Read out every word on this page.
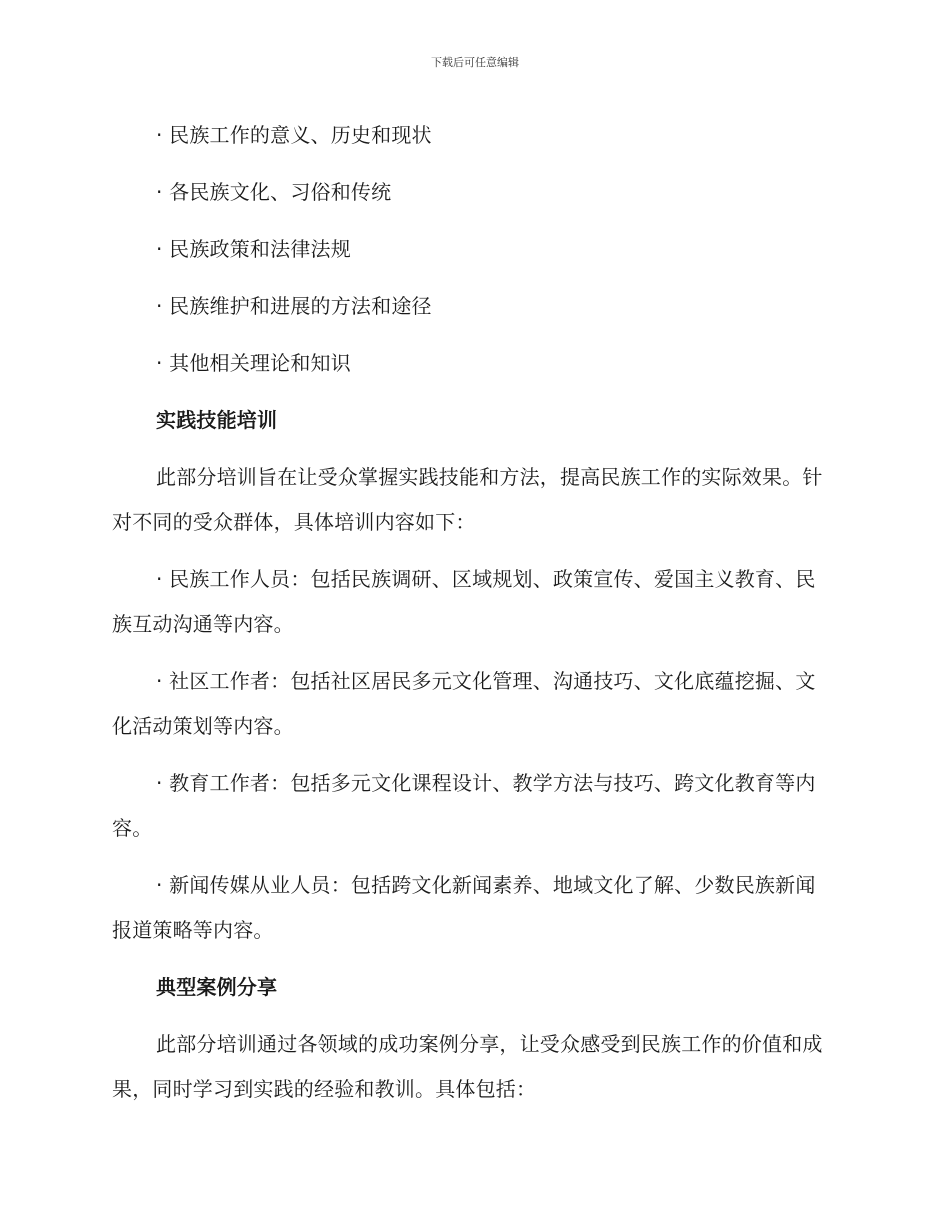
下载后可任意编辑

· 民族工作的意义、历史和现状

· 各民族文化、习俗和传统

· 民族政策和法律法规

· 民族维护和进展的方法和途径

· 其他相关理论和知识

实践技能培训

此部分培训旨在让受众掌握实践技能和方法，提高民族工作的实际效果。针对不同的受众群体，具体培训内容如下：

· 民族工作人员：包括民族调研、区域规划、政策宣传、爱国主义教育、民族互动沟通等内容。

· 社区工作者：包括社区居民多元文化管理、沟通技巧、文化底蕴挖掘、文化活动策划等内容。

· 教育工作者：包括多元文化课程设计、教学方法与技巧、跨文化教育等内容。

· 新闻传媒从业人员：包括跨文化新闻素养、地域文化了解、少数民族新闻报道策略等内容。

典型案例分享

此部分培训通过各领域的成功案例分享，让受众感受到民族工作的价值和成果，同时学习到实践的经验和教训。具体包括：
